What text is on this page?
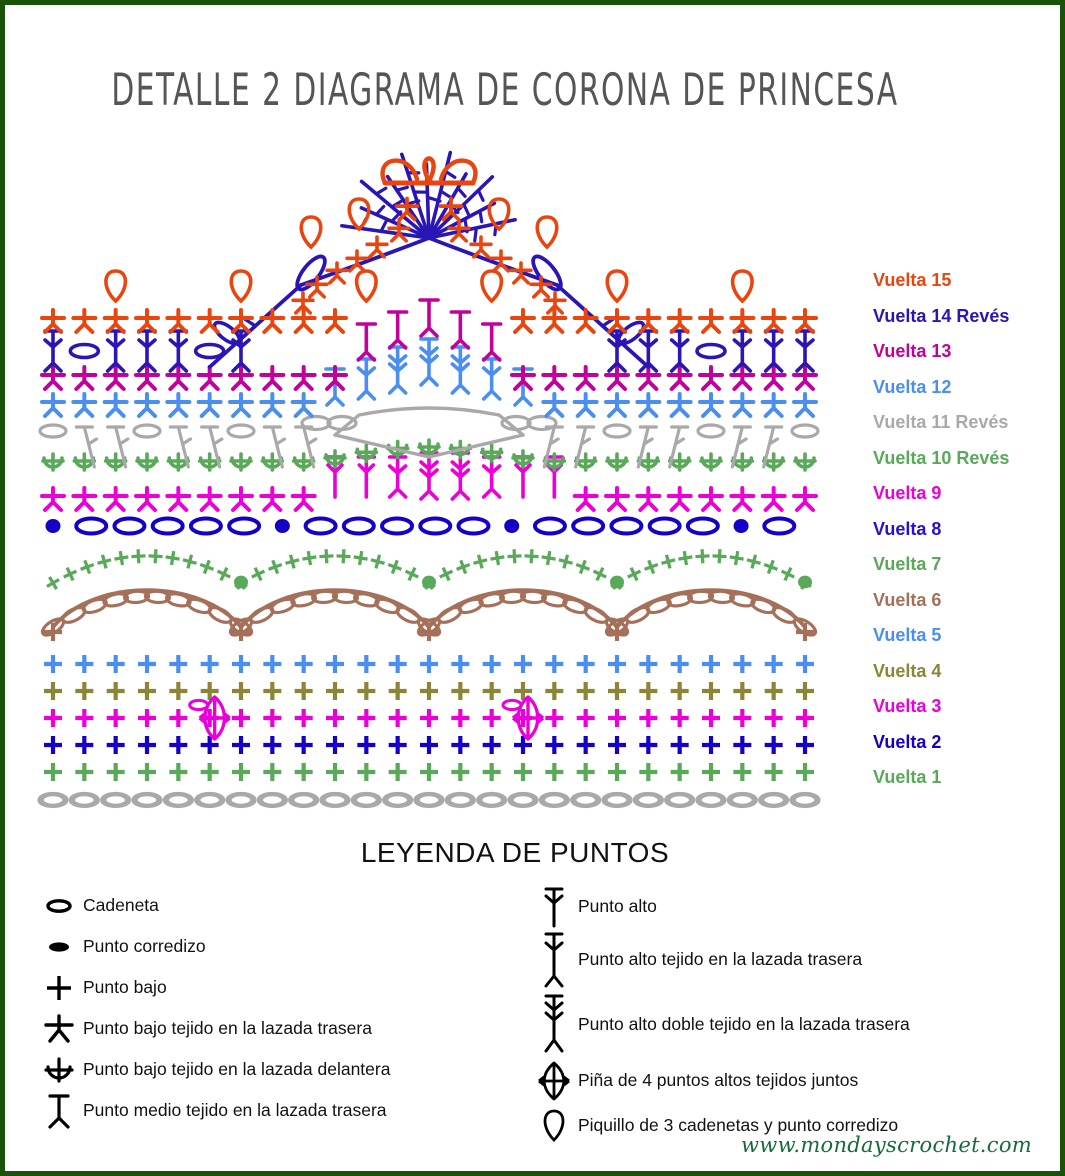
DETALLE 2 DIAGRAMA DE CORONA DE PRINCESA
Vuelta 15
Vuelta 14 Revés
Vuelta 13
Vuelta 12
Vuelta 11 Revés
Vuelta 10 Revés
Vuelta 9
Vuelta 8
Vuelta 7
Vuelta 6
Vuelta 5
Vuelta 4
Vuelta 3
Vuelta 2
Vuelta 1
LEYENDA DE PUNTOS
Cadeneta
Punto corredizo
Punto bajo
Punto bajo tejido en la lazada trasera
Punto bajo tejido en la lazada delantera
Punto medio tejido en la lazada trasera
Punto alto
Punto alto tejido en la lazada trasera
Punto alto doble tejido en la lazada trasera
Piña de 4 puntos altos tejidos juntos
Piquillo de 3 cadenetas y punto corredizo
www.mondayscrochet.com
